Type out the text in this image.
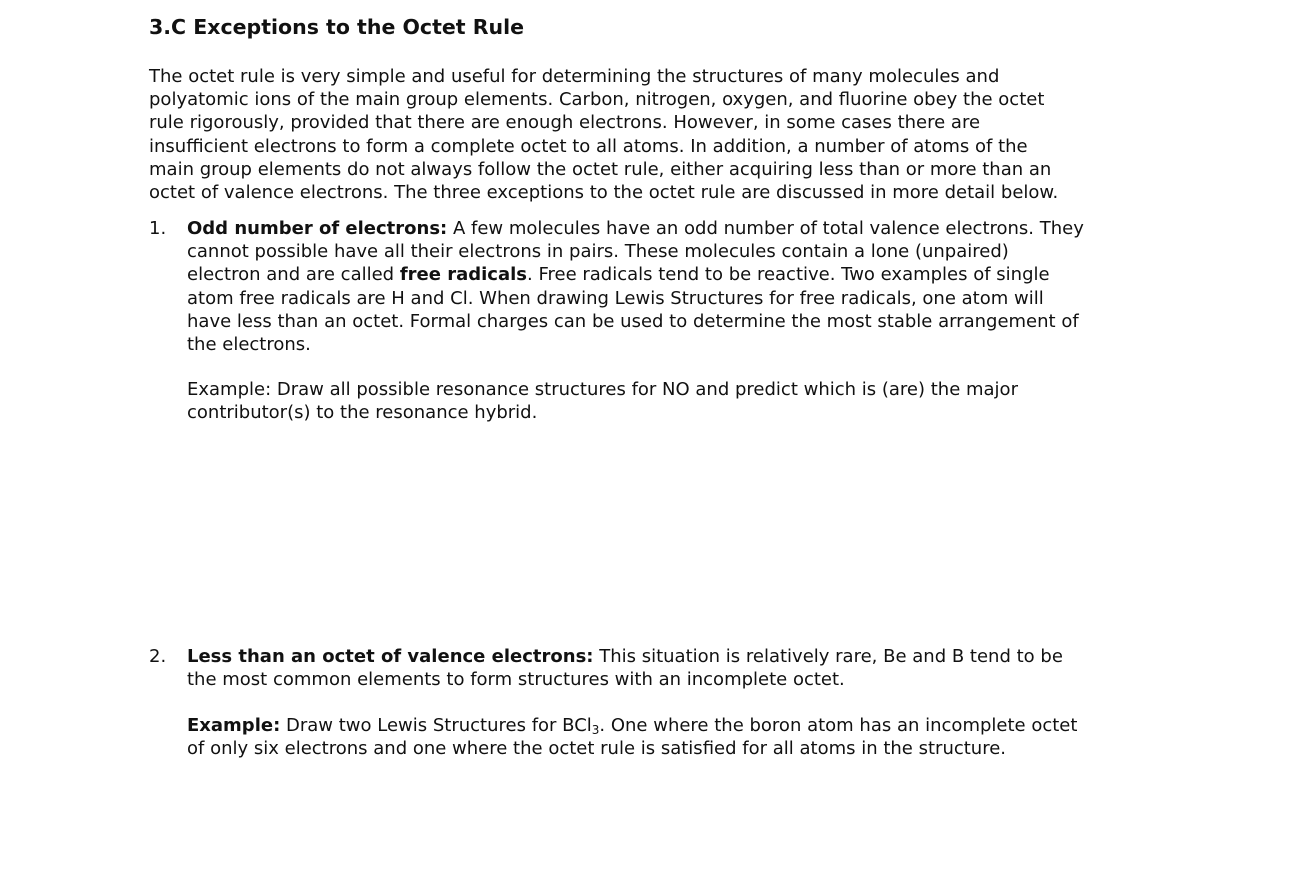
3.C Exceptions to the Octet Rule
The octet rule is very simple and useful for determining the structures of many molecules and
polyatomic ions of the main group elements. Carbon, nitrogen, oxygen, and fluorine obey the octet
rule rigorously, provided that there are enough electrons. However, in some cases there are
insufficient electrons to form a complete octet to all atoms. In addition, a number of atoms of the
main group elements do not always follow the octet rule, either acquiring less than or more than an
octet of valence electrons. The three exceptions to the octet rule are discussed in more detail below.
1. Odd number of electrons: A few molecules have an odd number of total valence electrons. They
cannot possible have all their electrons in pairs. These molecules contain a lone (unpaired)
electron and are called free radicals. Free radicals tend to be reactive. Two examples of single
atom free radicals are H and Cl. When drawing Lewis Structures for free radicals, one atom will
have less than an octet. Formal charges can be used to determine the most stable arrangement of
the electrons.
Example: Draw all possible resonance structures for NO and predict which is (are) the major
contributor(s) to the resonance hybrid.
2. Less than an octet of valence electrons: This situation is relatively rare, Be and B tend to be
the most common elements to form structures with an incomplete octet.
Example: Draw two Lewis Structures for BCl$_3$. One where the boron atom has an incomplete octet
of only six electrons and one where the octet rule is satisfied for all atoms in the structure.
